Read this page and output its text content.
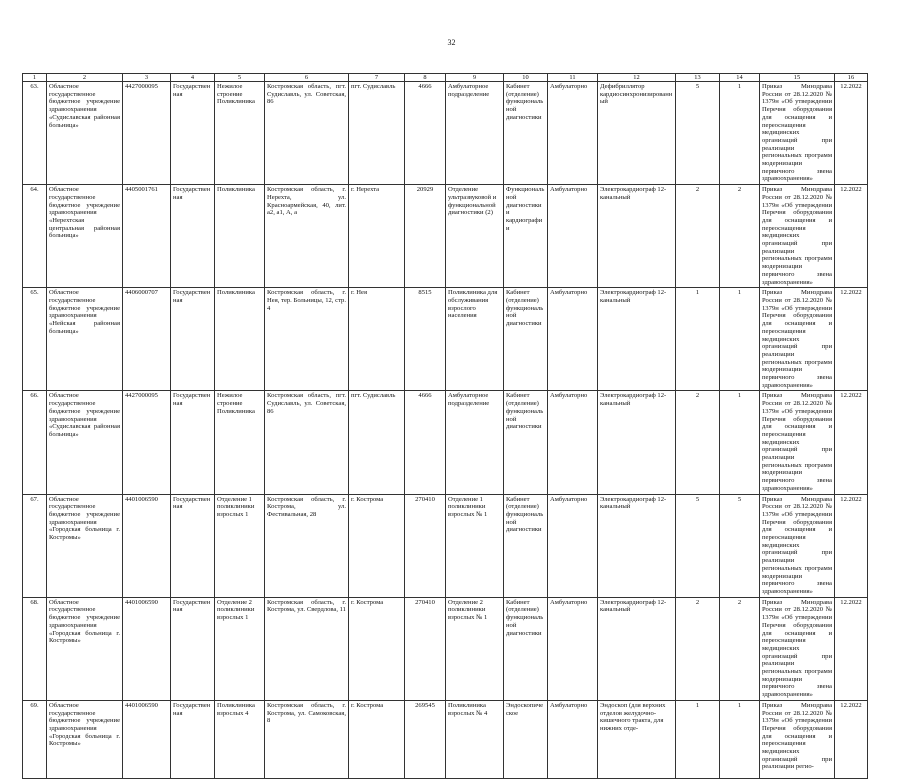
32
1	2	3	4	5	6	7	8	9	10	11	12	13	14	15	16
63.	Областное государственное бюджетное учреждение здравоохранения «Судиславская районная больница»	4427000095	Государственная	Нежилое строение Поликлиника	Костромская область, пгт. Судиславль, ул. Советская, 86	пгт. Судиславль	4666	Амбулаторное подразделение	Кабинет (отделение) функциональной диагностики	Амбулаторно	Дефибриллятор кардиосинхронизированный	5	1	Приказ Минздрава России от 28.12.2020 № 1379н «Об утверждении Перечня оборудования для оснащения и переоснащения медицинских организаций при реализации региональных программ модернизации первичного звена здравоохранения»	12.2022
64.	Областное государственное бюджетное учреждение здравоохранения «Нерехтская центральная районная больница»	4405001761	Государственная	Поликлиника	Костромская область, г. Нерехта, ул. Красноармейская, 40, лит. а2, а1, А, а	г. Нерехта	20929	Отделение ультразвуковой и функциональной диагностики (2)	Функциональной диагностики и кардиографии	Амбулаторно	Электрокардиограф 12-канальный	2	2	Приказ Минздрава России от 28.12.2020 № 1379н «Об утверждении Перечня оборудования для оснащения и переоснащения медицинских организаций при реализации региональных программ модернизации первичного звена здравоохранения»	12.2022
65.	Областное государственное бюджетное учреждение здравоохранения «Нейская районная больница»	4406000707	Государственная	Поликлиника	Костромская область, г. Нея, тер. Больницы, 12, стр. 4	г. Нея	8515	Поликлиника для обслуживания взрослого населения	Кабинет (отделение) функциональной диагностики	Амбулаторно	Электрокардиограф 12-канальный	1	1	Приказ Минздрава России от 28.12.2020 № 1379н «Об утверждении Перечня оборудования для оснащения и переоснащения медицинских организаций при реализации региональных программ модернизации первичного звена здравоохранения»	12.2022
66.	Областное государственное бюджетное учреждение здравоохранения «Судиславская районная больница»	4427000095	Государственная	Нежилое строение Поликлиника	Костромская область, пгт. Судиславль, ул. Советская, 86	пгт. Судиславль	4666	Амбулаторное подразделение	Кабинет (отделение) функциональной диагностики	Амбулаторно	Электрокардиограф 12-канальный	2	1	Приказ Минздрава России от 28.12.2020 № 1379н «Об утверждении Перечня оборудования для оснащения и переоснащения медицинских организаций при реализации региональных программ модернизации первичного звена здравоохранения»	12.2022
67.	Областное государственное бюджетное учреждение здравоохранения «Городская больница г. Костромы»	4401006590	Государственная	Отделение 1 поликлиники взрослых 1	Костромская область, г. Кострома, ул. Фестивальная, 28	г. Кострома	270410	Отделение 1 поликлиники взрослых № 1	Кабинет (отделение) функциональной диагностики	Амбулаторно	Электрокардиограф 12-канальный	5	5	Приказ Минздрава России от 28.12.2020 № 1379н «Об утверждении Перечня оборудования для оснащения и переоснащения медицинских организаций при реализации региональных программ модернизации первичного звена здравоохранения»	12.2022
68.	Областное государственное бюджетное учреждение здравоохранения «Городская больница г. Костромы»	4401006590	Государственная	Отделение 2 поликлиники взрослых 1	Костромская область, г. Кострома, ул. Свердлова, 11	г. Кострома	270410	Отделение 2 поликлиники взрослых № 1	Кабинет (отделение) функциональной диагностики	Амбулаторно	Электрокардиограф 12-канальный	2	2	Приказ Минздрава России от 28.12.2020 № 1379н «Об утверждении Перечня оборудования для оснащения и переоснащения медицинских организаций при реализации региональных программ модернизации первичного звена здравоохранения»	12.2022
69.	Областное государственное бюджетное учреждение здравоохранения «Городская больница г. Костромы»	4401006590	Государственная	Поликлиника взрослых 4	Костромская область, г. Кострома, ул. Самоковская, 8	г. Кострома	269545	Поликлиника взрослых № 4	Эндоскопическое	Амбулаторно	Эндоскоп (для верхних отделов желудочно-кишечного тракта, для нижних отде-	1	1	Приказ Минздрава России от 28.12.2020 № 1379н «Об утверждении Перечня оборудования для оснащения и переоснащения медицинских организаций при реализации регио-	12.2022
